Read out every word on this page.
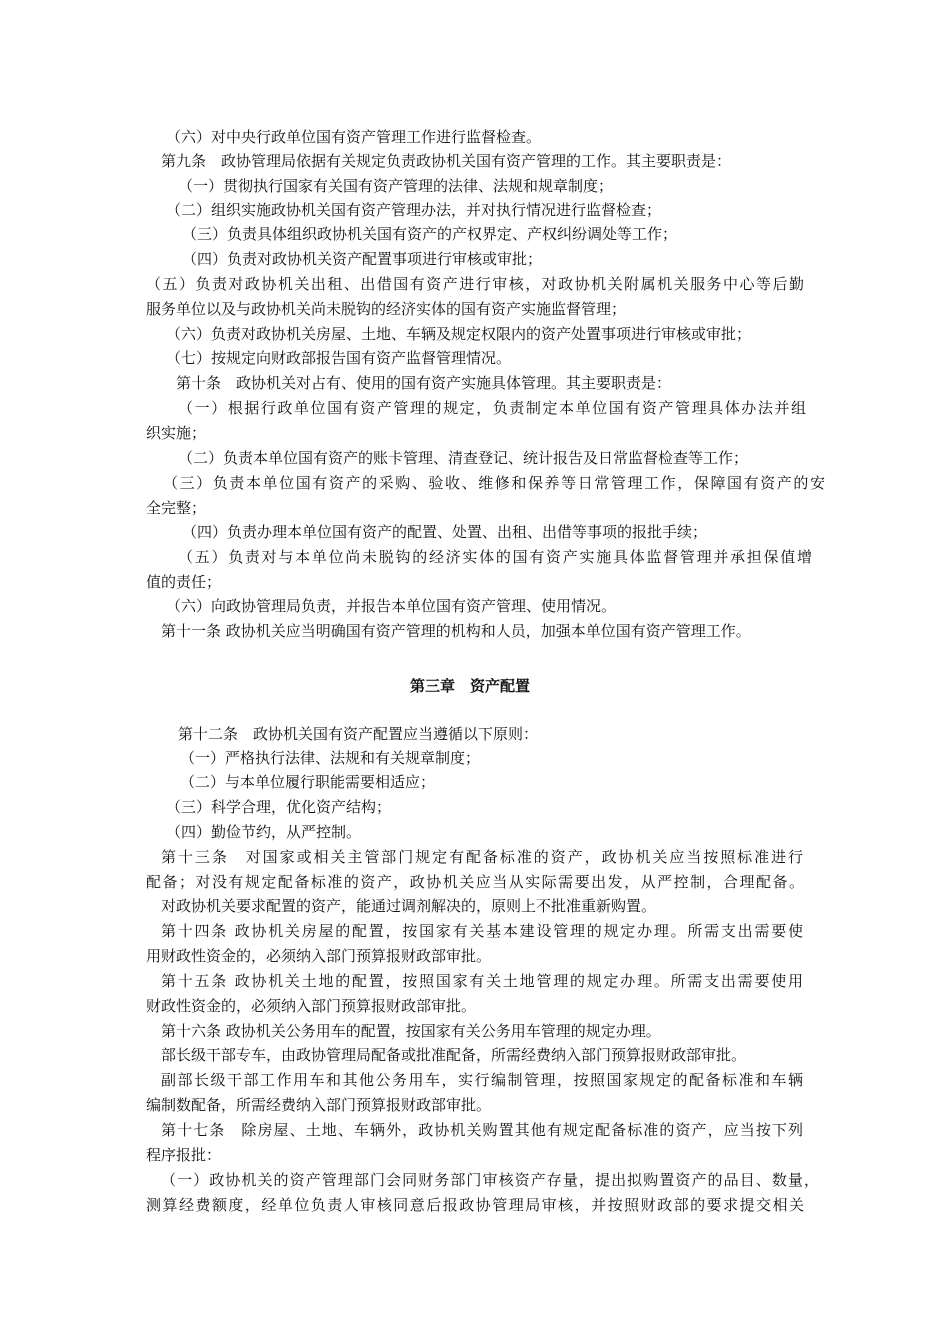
（六）对中央行政单位国有资产管理工作进行监督检查。
第九条　政协管理局依据有关规定负责政协机关国有资产管理的工作。其主要职责是：
（一）贯彻执行国家有关国有资产管理的法律、法规和规章制度；
（二）组织实施政协机关国有资产管理办法，并对执行情况进行监督检查；
（三）负责具体组织政协机关国有资产的产权界定、产权纠纷调处等工作；
（四）负责对政协机关资产配置事项进行审核或审批；
（五）负责对政协机关出租、出借国有资产进行审核，对政协机关附属机关服务中心等后勤
服务单位以及与政协机关尚未脱钩的经济实体的国有资产实施监督管理；
（六）负责对政协机关房屋、土地、车辆及规定权限内的资产处置事项进行审核或审批；
（七）按规定向财政部报告国有资产监督管理情况。
第十条　政协机关对占有、使用的国有资产实施具体管理。其主要职责是：
（一）根据行政单位国有资产管理的规定，负责制定本单位国有资产管理具体办法并组
织实施；
（二）负责本单位国有资产的账卡管理、清查登记、统计报告及日常监督检查等工作；
（三）负责本单位国有资产的采购、验收、维修和保养等日常管理工作，保障国有资产的安
全完整；
（四）负责办理本单位国有资产的配置、处置、出租、出借等事项的报批手续；
（五）负责对与本单位尚未脱钩的经济实体的国有资产实施具体监督管理并承担保值增
值的责任；
（六）向政协管理局负责，并报告本单位国有资产管理、使用情况。
第十一条 政协机关应当明确国有资产管理的机构和人员，加强本单位国有资产管理工作。
第三章　资产配置
第十二条　政协机关国有资产配置应当遵循以下原则：
（一）严格执行法律、法规和有关规章制度；
（二）与本单位履行职能需要相适应；
（三）科学合理，优化资产结构；
（四）勤俭节约，从严控制。
第十三条　对国家或相关主管部门规定有配备标准的资产，政协机关应当按照标准进行
配备；对没有规定配备标准的资产，政协机关应当从实际需要出发，从严控制，合理配备。
对政协机关要求配置的资产，能通过调剂解决的，原则上不批准重新购置。
第十四条 政协机关房屋的配置，按国家有关基本建设管理的规定办理。所需支出需要使
用财政性资金的，必须纳入部门预算报财政部审批。
第十五条 政协机关土地的配置，按照国家有关土地管理的规定办理。所需支出需要使用
财政性资金的，必须纳入部门预算报财政部审批。
第十六条 政协机关公务用车的配置，按国家有关公务用车管理的规定办理。
部长级干部专车，由政协管理局配备或批准配备，所需经费纳入部门预算报财政部审批。
副部长级干部工作用车和其他公务用车，实行编制管理，按照国家规定的配备标准和车辆
编制数配备，所需经费纳入部门预算报财政部审批。
第十七条　除房屋、土地、车辆外，政协机关购置其他有规定配备标准的资产，应当按下列
程序报批：
（一）政协机关的资产管理部门会同财务部门审核资产存量，提出拟购置资产的品目、数量，
测算经费额度，经单位负责人审核同意后报政协管理局审核，并按照财政部的要求提交相关
